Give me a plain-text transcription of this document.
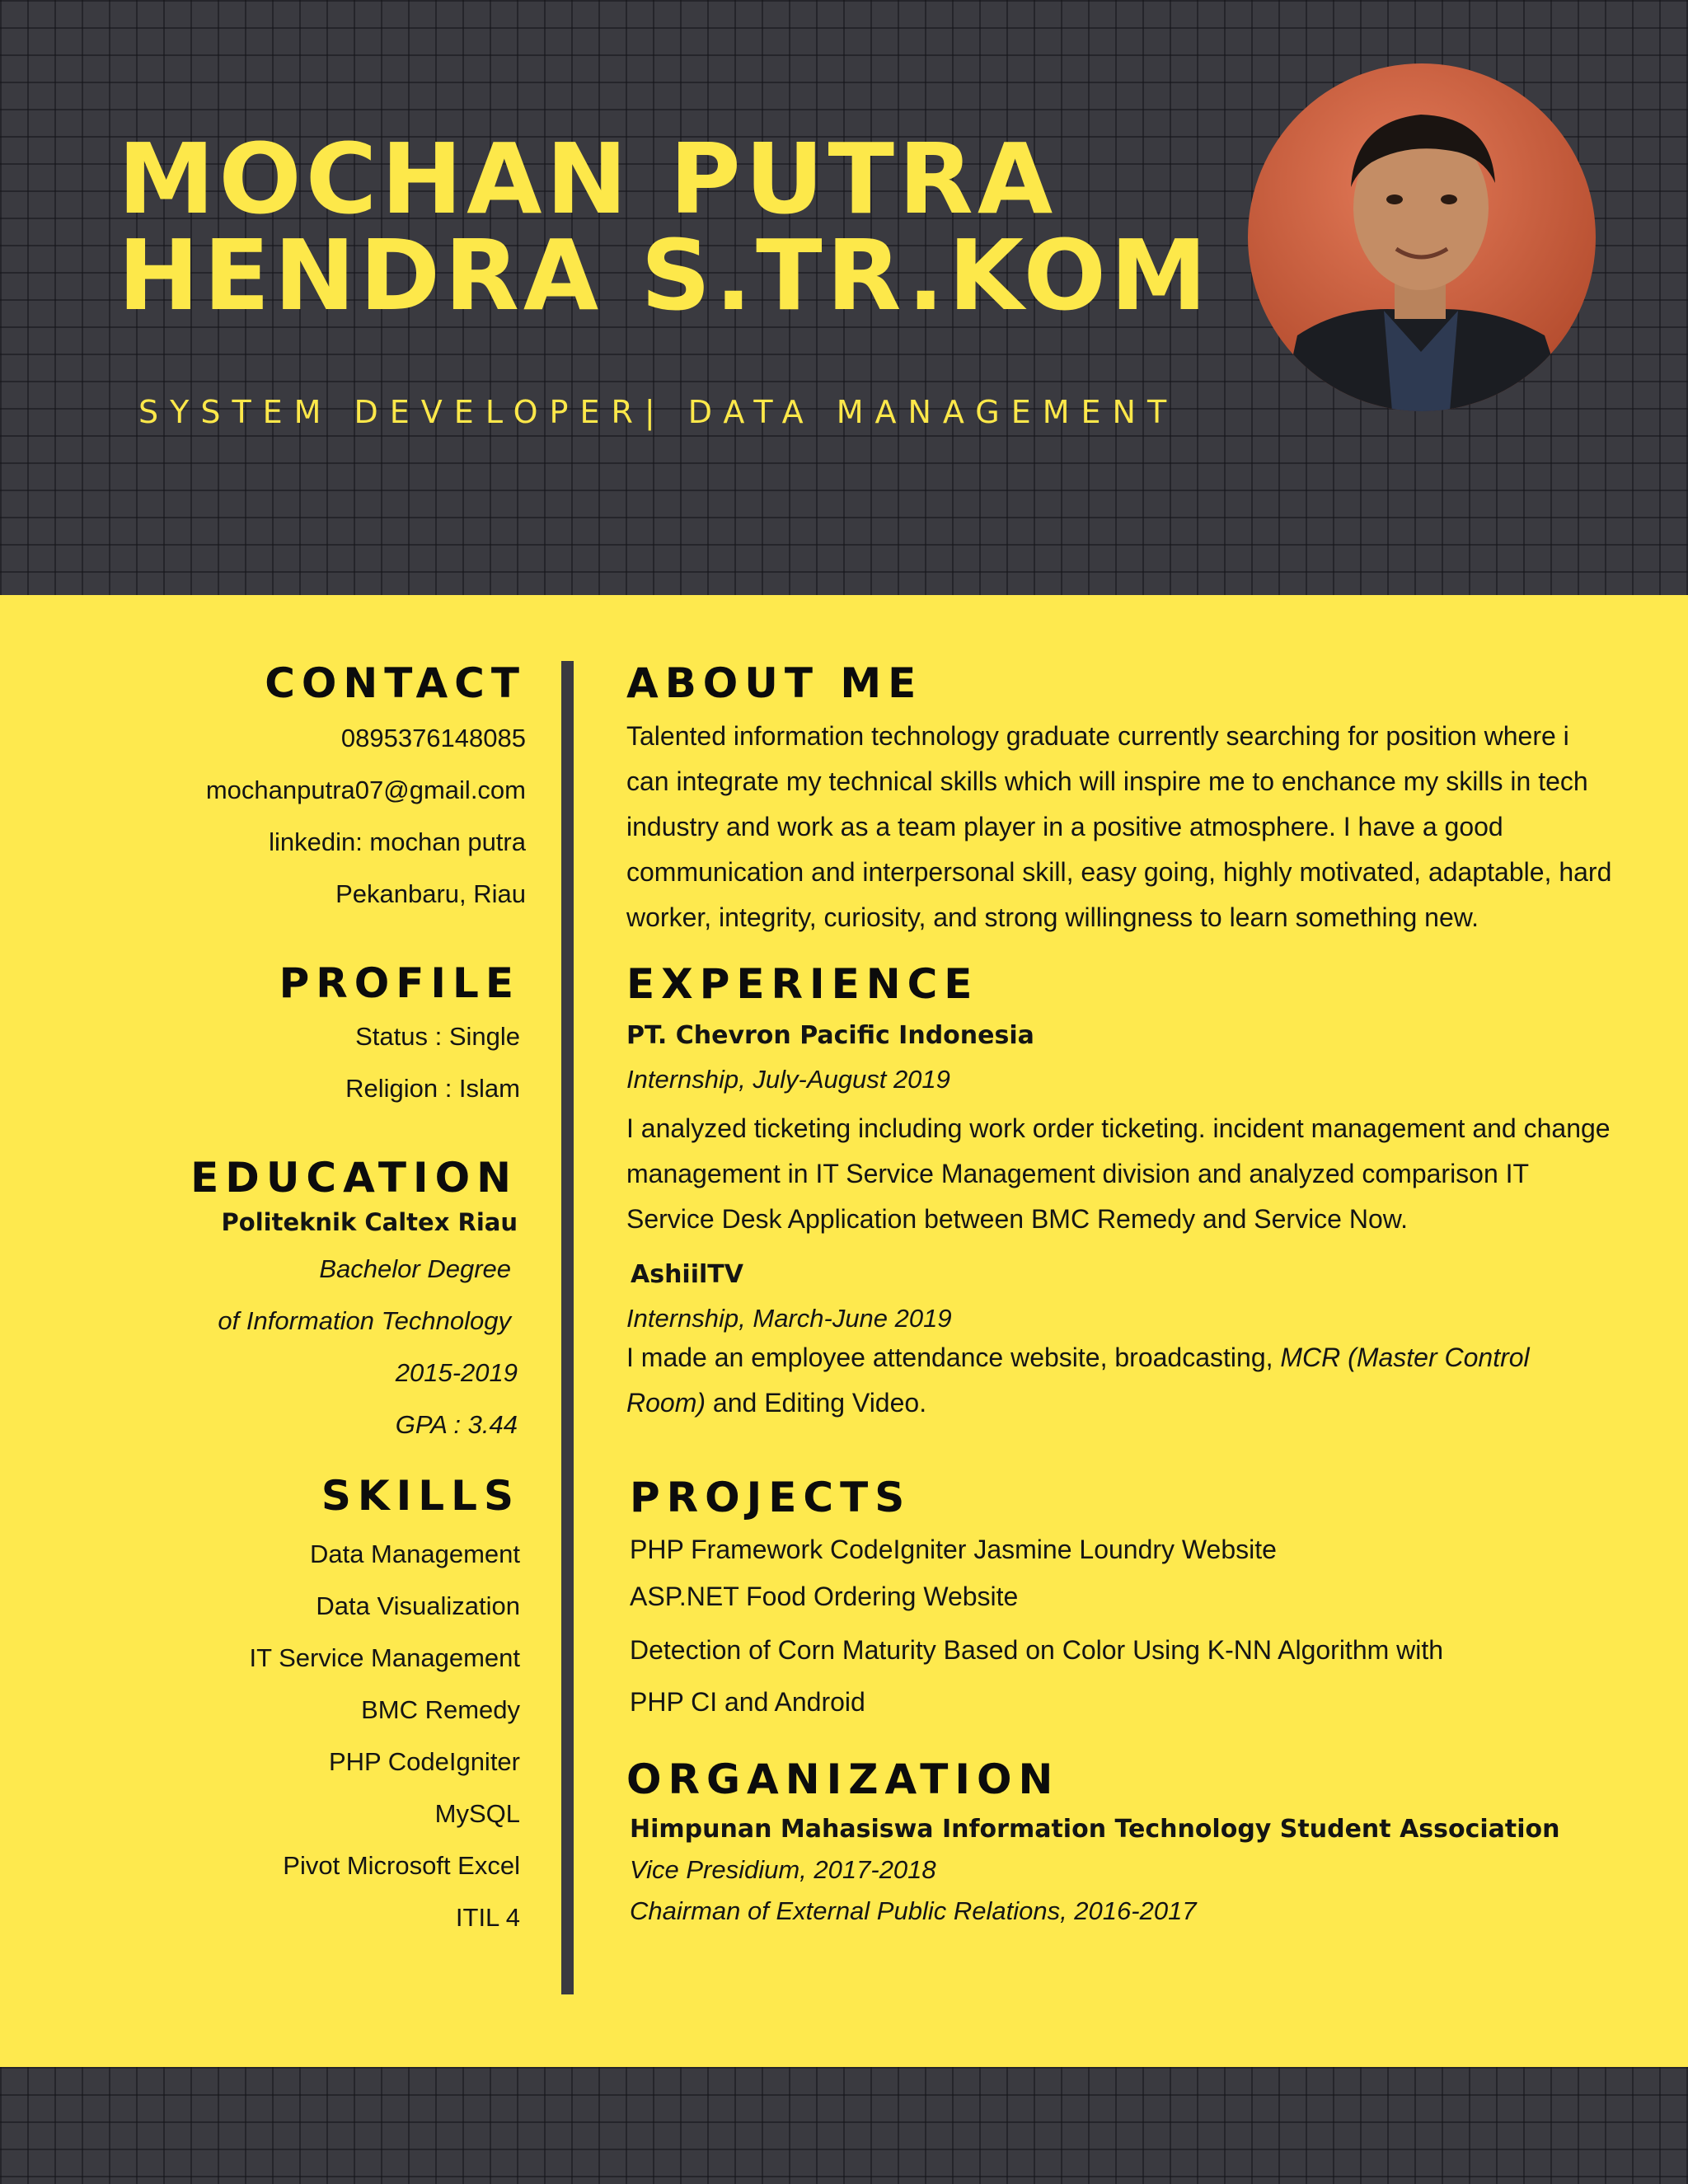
MOCHAN PUTRA
HENDRA S.TR.KOM
SYSTEM DEVELOPER| DATA MANAGEMENT
CONTACT
0895376148085
mochanputra07@gmail.com
linkedin: mochan putra
Pekanbaru, Riau
PROFILE
Status : Single
Religion : Islam
EDUCATION
Politeknik Caltex Riau
Bachelor Degree
of Information Technology
2015-2019
GPA : 3.44
SKILLS
Data Management
Data Visualization
IT Service Management
BMC Remedy
PHP CodeIgniter
MySQL
Pivot Microsoft Excel
ITIL 4
ABOUT ME
Talented information technology graduate currently searching for position where i can integrate my technical skills which will inspire me to enchance my skills in tech industry and work as a team player in a positive atmosphere. I have a good communication and interpersonal skill, easy going, highly motivated, adaptable, hard worker, integrity, curiosity, and strong willingness to learn something new.
EXPERIENCE
PT. Chevron Pacific Indonesia
Internship, July-August 2019
I analyzed ticketing including work order ticketing. incident management and change management in IT Service Management division and analyzed comparison IT Service Desk Application between BMC Remedy and Service Now.
AshiilTV
Internship, March-June 2019
I made an employee attendance website, broadcasting, MCR (Master Control Room) and Editing Video.
PROJECTS
PHP Framework CodeIgniter Jasmine Loundry Website
ASP.NET Food Ordering Website
Detection of Corn Maturity Based on Color Using K-NN Algorithm with
PHP CI and Android
ORGANIZATION
Himpunan Mahasiswa Information Technology Student Association
Vice Presidium, 2017-2018
Chairman of External Public Relations, 2016-2017
